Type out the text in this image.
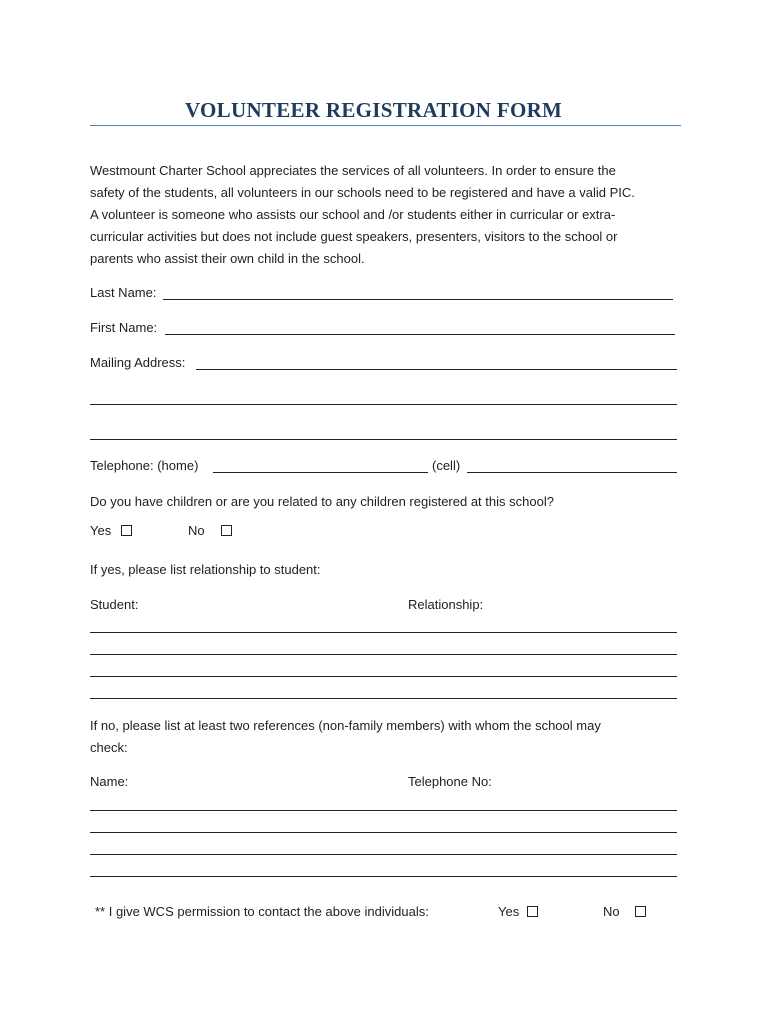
VOLUNTEER REGISTRATION FORM
Westmount Charter School appreciates the services of all volunteers. In order to ensure the
safety of the students, all volunteers in our schools need to be registered and have a valid PIC.
A volunteer is someone who assists our school and /or students either in curricular or extra-
curricular activities but does not include guest speakers, presenters, visitors to the school or
parents who assist their own child in the school.
Last Name:
First Name:
Mailing Address:
Telephone: (home)	(cell)
Do you have children or are you related to any children registered at this school?
Yes	No
If yes, please list relationship to student:
Student:	Relationship:
If no, please list at least two references (non-family members) with whom the school may
check:
Name:	Telephone No:
** I give WCS permission to contact the above individuals:	Yes	No
